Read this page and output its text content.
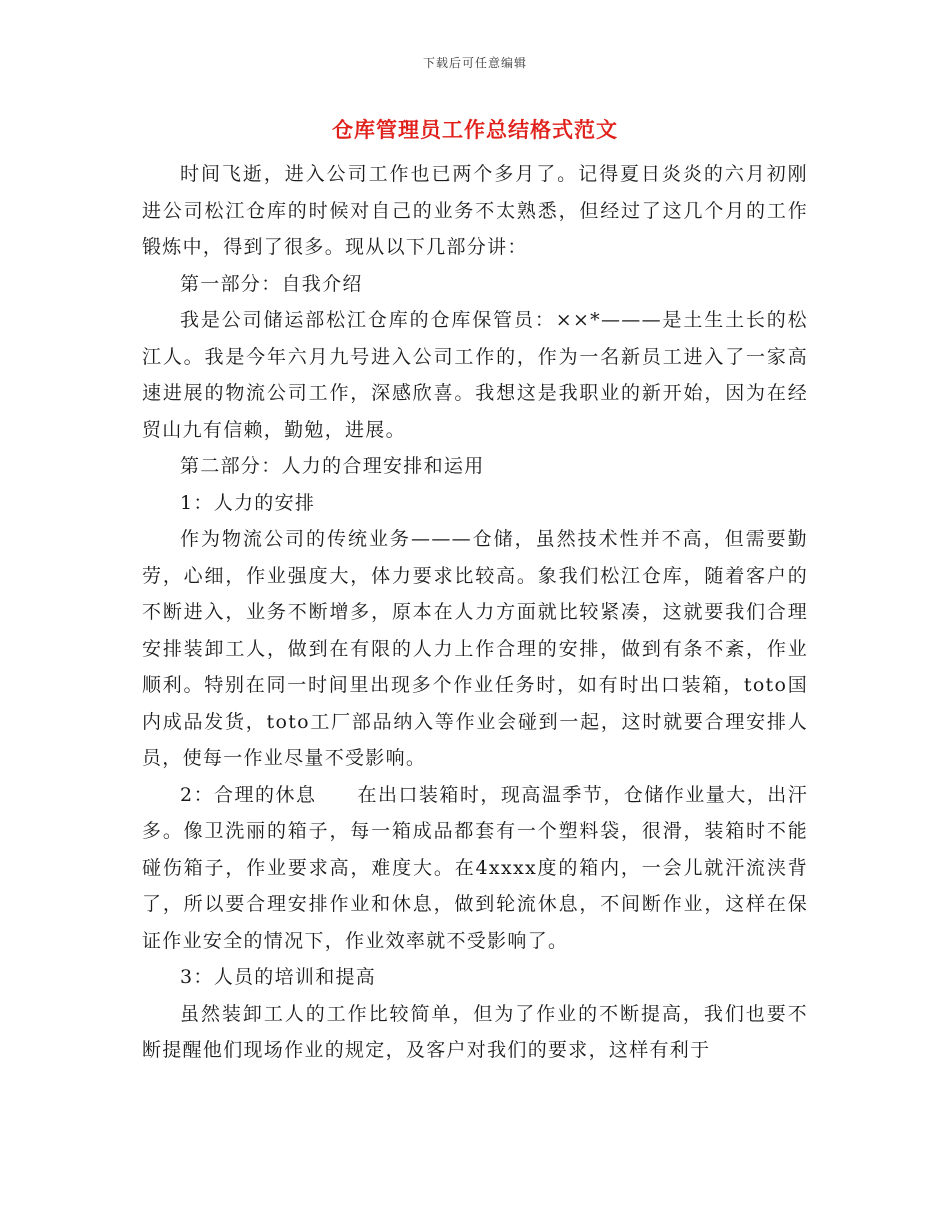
下载后可任意编辑
仓库管理员工作总结格式范文

时间飞逝，进入公司工作也已两个多月了。记得夏日炎炎的六月初刚进公司松江仓库的时候对自己的业务不太熟悉，但经过了这几个月的工作锻炼中，得到了很多。现从以下几部分讲：

第一部分：自我介绍

我是公司储运部松江仓库的仓库保管员：××*———是土生土长的松江人。我是今年六月九号进入公司工作的，作为一名新员工进入了一家高速进展的物流公司工作，深感欣喜。我想这是我职业的新开始，因为在经贸山九有信赖，勤勉，进展。

第二部分：人力的合理安排和运用

1：人力的安排

作为物流公司的传统业务———仓储，虽然技术性并不高，但需要勤劳，心细，作业强度大，体力要求比较高。象我们松江仓库，随着客户的不断进入，业务不断增多，原本在人力方面就比较紧凑，这就要我们合理安排装卸工人，做到在有限的人力上作合理的安排，做到有条不紊，作业顺利。特别在同一时间里出现多个作业任务时，如有时出口装箱，toto国内成品发货，toto工厂部品纳入等作业会碰到一起，这时就要合理安排人员，使每一作业尽量不受影响。

2：合理的休息　　在出口装箱时，现高温季节，仓储作业量大，出汗多。像卫洗丽的箱子，每一箱成品都套有一个塑料袋，很滑，装箱时不能碰伤箱子，作业要求高，难度大。在4xxxx度的箱内，一会儿就汗流浃背了，所以要合理安排作业和休息，做到轮流休息，不间断作业，这样在保证作业安全的情况下，作业效率就不受影响了。

3：人员的培训和提高

虽然装卸工人的工作比较简单，但为了作业的不断提高，我们也要不断提醒他们现场作业的规定，及客户对我们的要求，这样有利于
